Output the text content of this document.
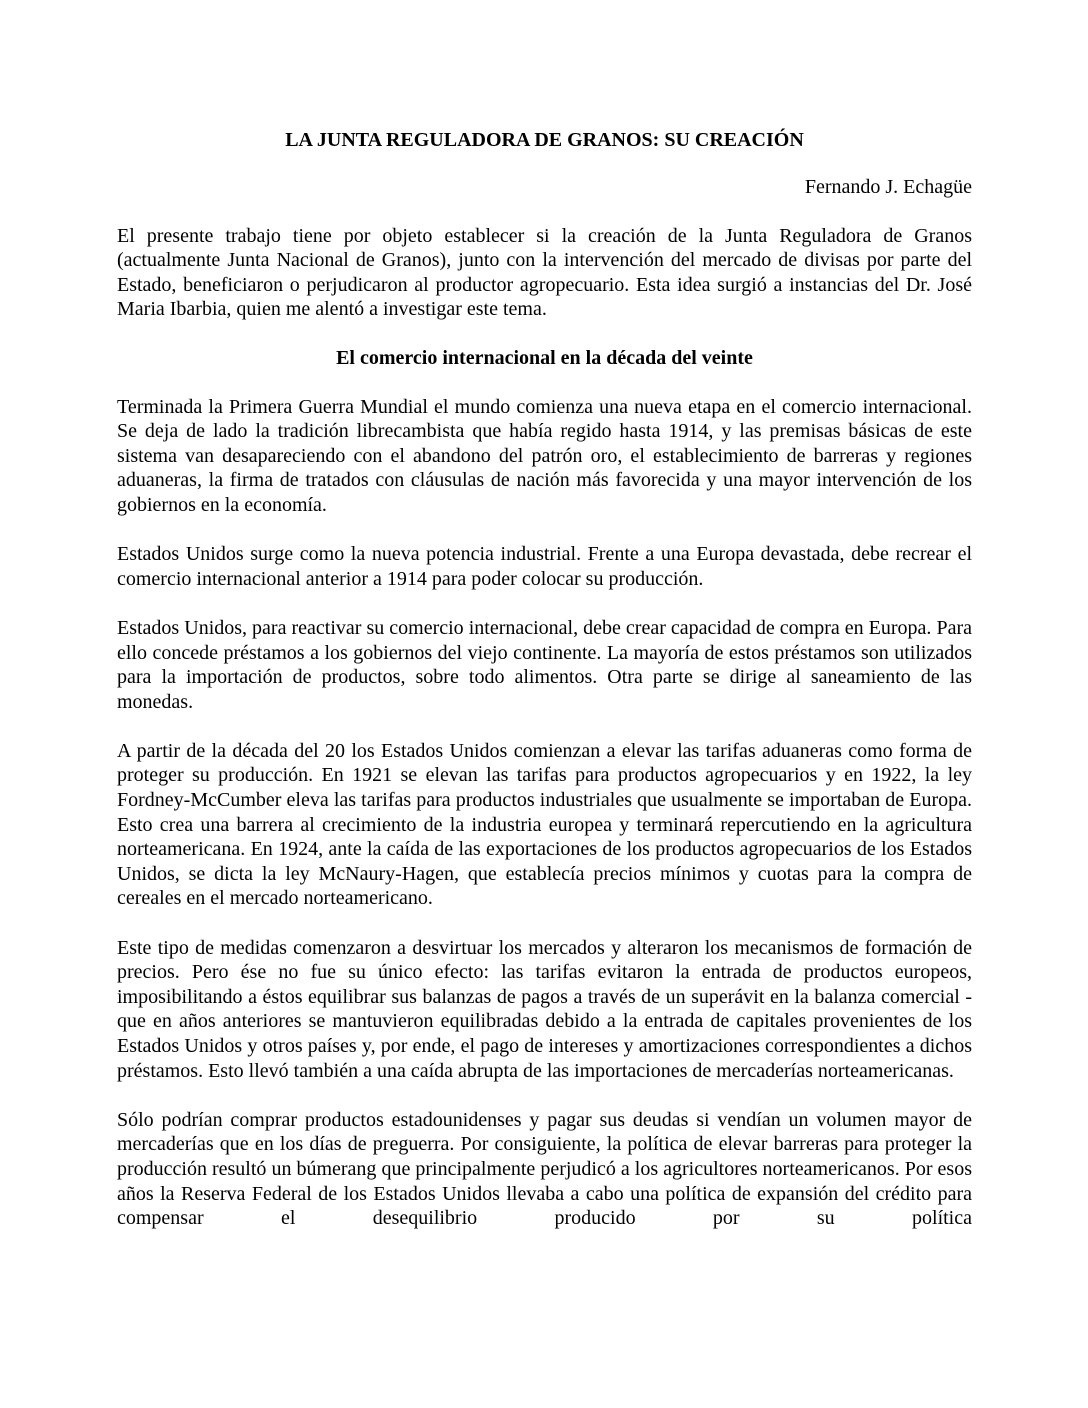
LA JUNTA REGULADORA DE GRANOS: SU CREACIÓN

Fernando J. Echagüe

El presente trabajo tiene por objeto establecer si la creación de la Junta Reguladora de Granos (actualmente Junta Nacional de Granos), junto con la intervención del mercado de divisas por parte del Estado, beneficiaron o perjudicaron al productor agropecuario. Esta idea surgió a instancias del Dr. José Maria Ibarbia, quien me alentó a investigar este tema.

El comercio internacional en la década del veinte

Terminada la Primera Guerra Mundial el mundo comienza una nueva etapa en el comercio internacional. Se deja de lado la tradición librecambista que había regido hasta 1914, y las premisas básicas de este sistema van desapareciendo con el abandono del patrón oro, el establecimiento de barreras y regiones aduaneras, la firma de tratados con cláusulas de nación más favorecida y una mayor intervención de los gobiernos en la economía.

Estados Unidos surge como la nueva potencia industrial. Frente a una Europa devastada, debe recrear el comercio internacional anterior a 1914 para poder colocar su producción.

Estados Unidos, para reactivar su comercio internacional, debe crear capacidad de compra en Europa. Para ello concede préstamos a los gobiernos del viejo continente. La mayoría de estos préstamos son utilizados para la importación de productos, sobre todo alimentos. Otra parte se dirige al saneamiento de las monedas.

A partir de la década del 20 los Estados Unidos comienzan a elevar las tarifas aduaneras como forma de proteger su producción. En 1921 se elevan las tarifas para productos agropecuarios y en 1922, la ley Fordney-McCumber eleva las tarifas para productos industriales que usualmente se importaban de Europa. Esto crea una barrera al crecimiento de la industria europea y terminará repercutiendo en la agricultura norteamericana. En 1924, ante la caída de las exportaciones de los productos agropecuarios de los Estados Unidos, se dicta la ley McNaury-Hagen, que establecía precios mínimos y cuotas para la compra de cereales en el mercado norteamericano.

Este tipo de medidas comenzaron a desvirtuar los mercados y alteraron los mecanismos de formación de precios. Pero ése no fue su único efecto: las tarifas evitaron la entrada de productos europeos, imposibilitando a éstos equilibrar sus balanzas de pagos a través de un superávit en la balanza comercial -que en años anteriores se mantuvieron equilibradas debido a la entrada de capitales provenientes de los Estados Unidos y otros países y, por ende, el pago de intereses y amortizaciones correspondientes a dichos préstamos. Esto llevó también a una caída abrupta de las importaciones de mercaderías norteamericanas.

Sólo podrían comprar productos estadounidenses y pagar sus deudas si vendían un volumen mayor de mercaderías que en los días de preguerra. Por consiguiente, la política de elevar barreras para proteger la producción resultó un búmerang que principalmente perjudicó a los agricultores norteamericanos. Por esos años la Reserva Federal de los Estados Unidos llevaba a cabo una política de expansión del crédito para compensar el desequilibrio producido por su política
